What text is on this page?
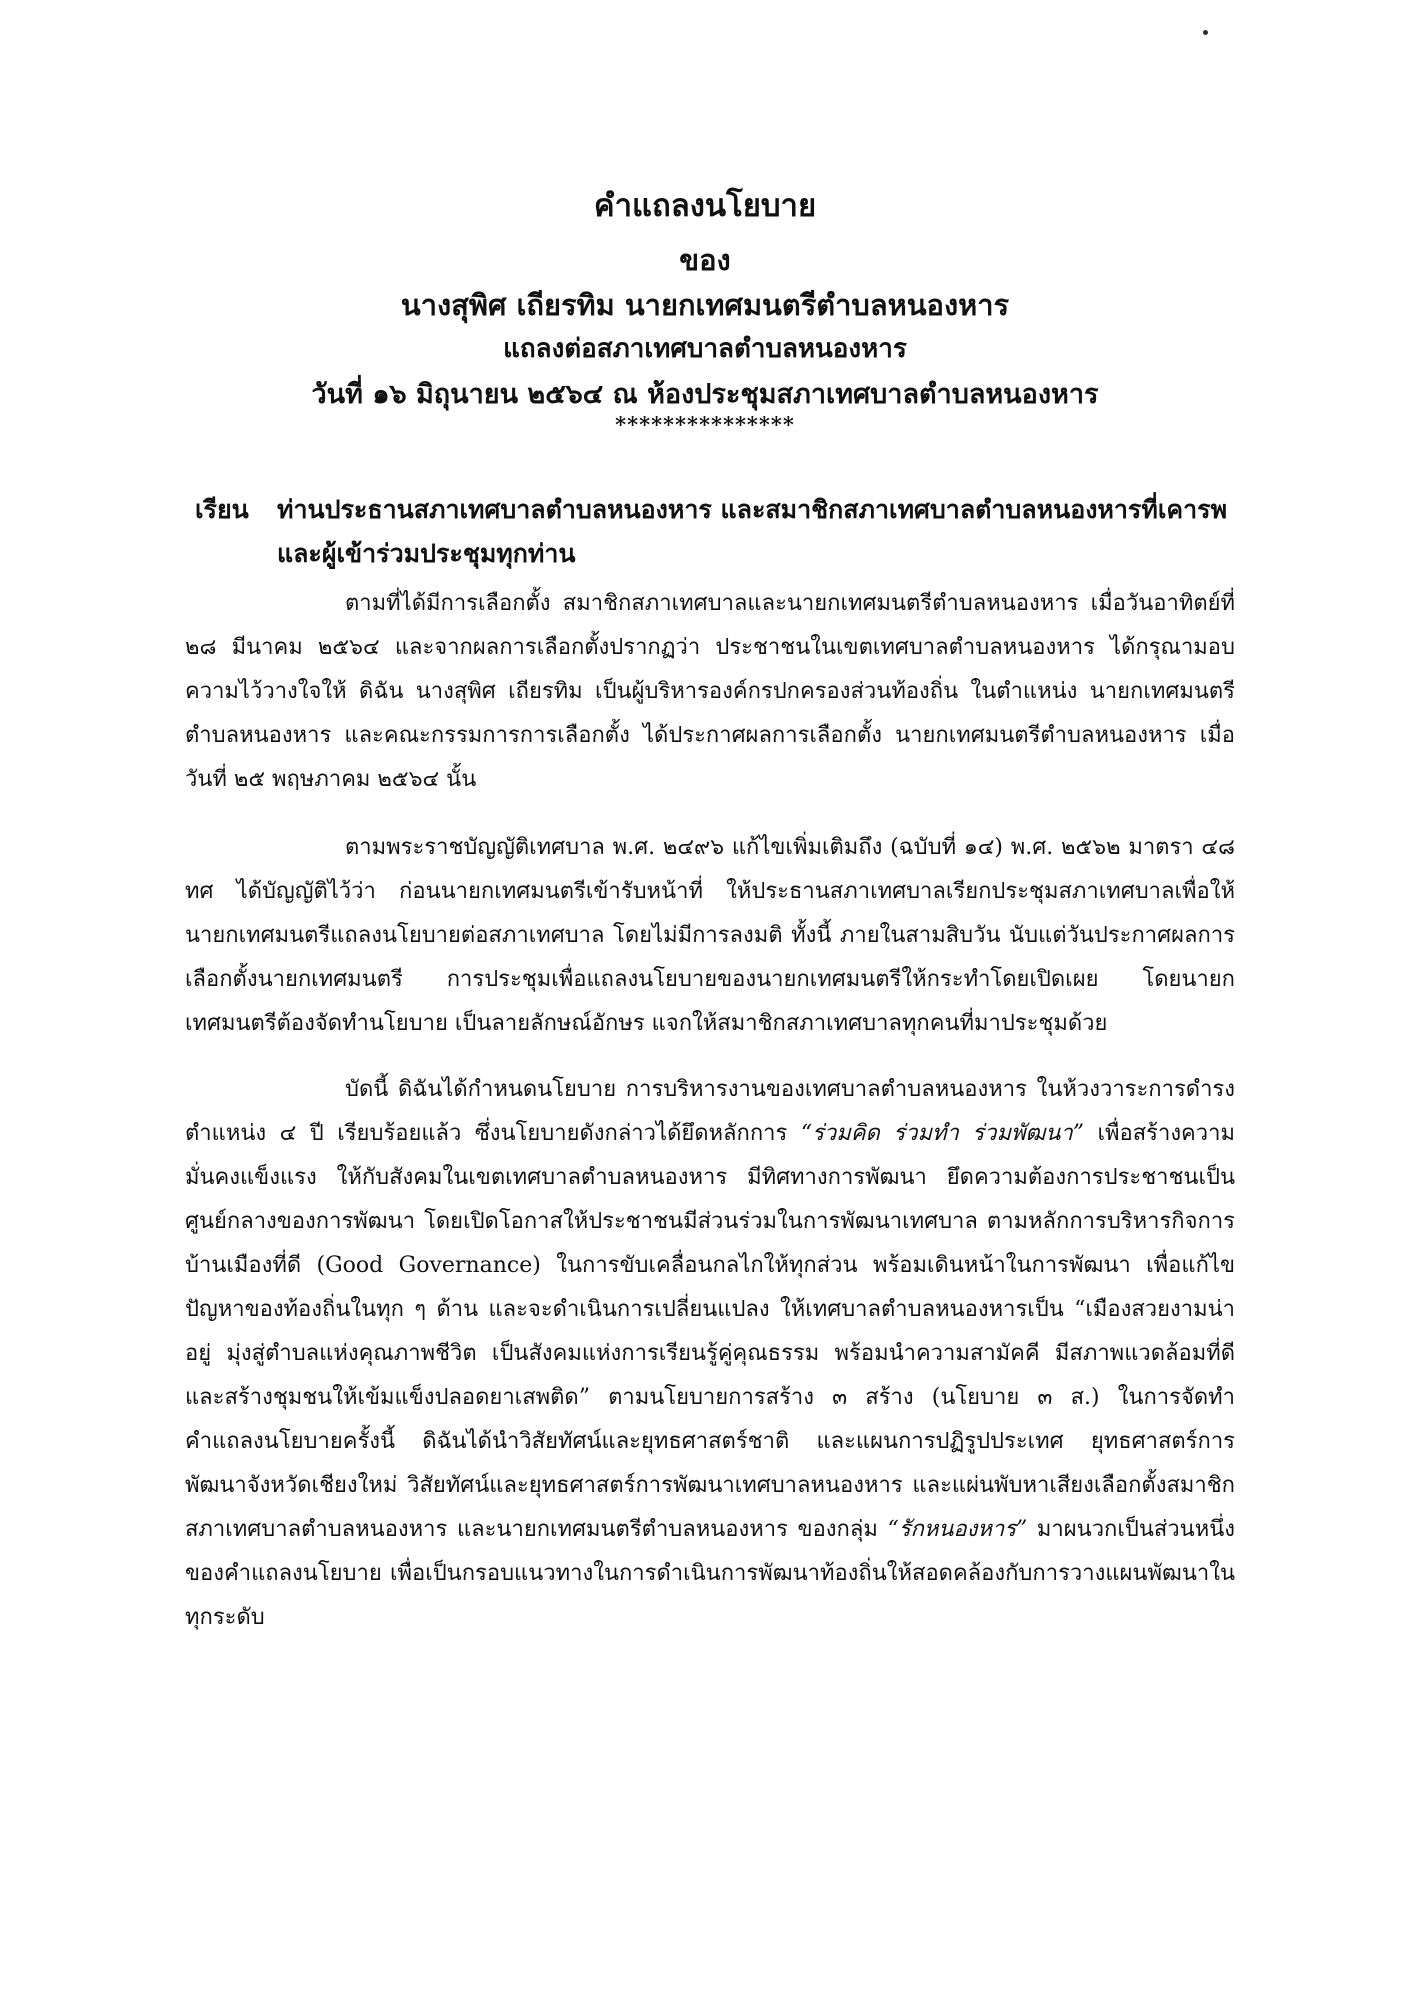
คำแถลงนโยบาย
ของ
นางสุพิศ เถียรทิม นายกเทศมนตรีตำบลหนองหาร
แถลงต่อสภาเทศบาลตำบลหนองหาร
วันที่ ๑๖ มิถุนายน ๒๕๖๔ ณ ห้องประชุมสภาเทศบาลตำบลหนองหาร
***************
เรียน ท่านประธานสภาเทศบาลตำบลหนองหาร และสมาชิกสภาเทศบาลตำบลหนองหารที่เคารพ
และผู้เข้าร่วมประชุมทุกท่าน

ตามที่ได้มีการเลือกตั้ง สมาชิกสภาเทศบาลและนายกเทศมนตรีตำบลหนองหาร เมื่อวันอาทิตย์ที่ ๒๘ มีนาคม ๒๕๖๔ และจากผลการเลือกตั้งปรากฏว่า ประชาชนในเขตเทศบาลตำบลหนองหาร ได้กรุณามอบความไว้วางใจให้ ดิฉัน นางสุพิศ เถียรทิม เป็นผู้บริหารองค์กรปกครองส่วนท้องถิ่น ในตำแหน่ง นายกเทศมนตรีตำบลหนองหาร และคณะกรรมการการเลือกตั้ง ได้ประกาศผลการเลือกตั้ง นายกเทศมนตรีตำบลหนองหาร เมื่อวันที่ ๒๕ พฤษภาคม ๒๕๖๔ นั้น

ตามพระราชบัญญัติเทศบาล พ.ศ. ๒๔๙๖ แก้ไขเพิ่มเติมถึง (ฉบับที่ ๑๔) พ.ศ. ๒๕๖๒ มาตรา ๔๘ ทศ ได้บัญญัติไว้ว่า ก่อนนายกเทศมนตรีเข้ารับหน้าที่ ให้ประธานสภาเทศบาลเรียกประชุมสภาเทศบาลเพื่อให้นายกเทศมนตรีแถลงนโยบายต่อสภาเทศบาล โดยไม่มีการลงมติ ทั้งนี้ ภายในสามสิบวัน นับแต่วันประกาศผลการเลือกตั้งนายกเทศมนตรี การประชุมเพื่อแถลงนโยบายของนายกเทศมนตรีให้กระทำโดยเปิดเผย โดยนายกเทศมนตรีต้องจัดทำนโยบาย เป็นลายลักษณ์อักษร แจกให้สมาชิกสภาเทศบาลทุกคนที่มาประชุมด้วย

บัดนี้ ดิฉันได้กำหนดนโยบาย การบริหารงานของเทศบาลตำบลหนองหาร ในห้วงวาระการดำรงตำแหน่ง ๔ ปี เรียบร้อยแล้ว ซึ่งนโยบายดังกล่าวได้ยึดหลักการ “ร่วมคิด ร่วมทำ ร่วมพัฒนา” เพื่อสร้างความมั่นคงแข็งแรง ให้กับสังคมในเขตเทศบาลตำบลหนองหาร มีทิศทางการพัฒนา ยึดความต้องการประชาชนเป็นศูนย์กลางของการพัฒนา โดยเปิดโอกาสให้ประชาชนมีส่วนร่วมในการพัฒนาเทศบาล ตามหลักการบริหารกิจการบ้านเมืองที่ดี (Good Governance) ในการขับเคลื่อนกลไกให้ทุกส่วน พร้อมเดินหน้าในการพัฒนา เพื่อแก้ไขปัญหาของท้องถิ่นในทุก ๆ ด้าน และจะดำเนินการเปลี่ยนแปลง ให้เทศบาลตำบลหนองหารเป็น “เมืองสวยงามน่าอยู่ มุ่งสู่ตำบลแห่งคุณภาพชีวิต เป็นสังคมแห่งการเรียนรู้คู่คุณธรรม พร้อมนำความสามัคคี มีสภาพแวดล้อมที่ดีและสร้างชุมชนให้เข้มแข็งปลอดยาเสพติด” ตามนโยบายการสร้าง ๓ สร้าง (นโยบาย ๓ ส.) ในการจัดทำคำแถลงนโยบายครั้งนี้ ดิฉันได้นำวิสัยทัศน์และยุทธศาสตร์ชาติ และแผนการปฏิรูปประเทศ ยุทธศาสตร์การพัฒนาจังหวัดเชียงใหม่ วิสัยทัศน์และยุทธศาสตร์การพัฒนาเทศบาลหนองหาร และแผ่นพับหาเสียงเลือกตั้งสมาชิกสภาเทศบาลตำบลหนองหาร และนายกเทศมนตรีตำบลหนองหาร ของกลุ่ม “รักหนองหาร” มาผนวกเป็นส่วนหนึ่งของคำแถลงนโยบาย เพื่อเป็นกรอบแนวทางในการดำเนินการพัฒนาท้องถิ่นให้สอดคล้องกับการวางแผนพัฒนาในทุกระดับ
